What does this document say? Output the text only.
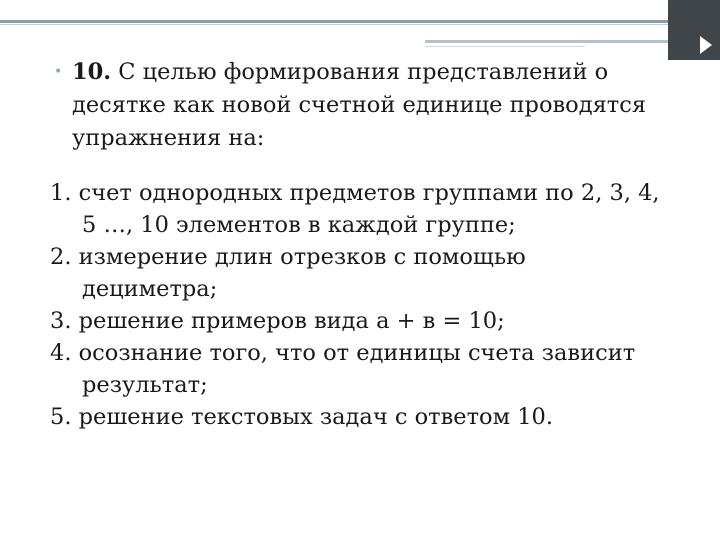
• 10. С целью формирования представлений о десятке как новой счетной единице проводятся упражнения на:
1. счет однородных предметов группами по 2, 3, 4, 5 …, 10 элементов в каждой группе;
2. измерение длин отрезков с помощью дециметра;
3. решение примеров вида а + в = 10;
4. осознание того, что от единицы счета зависит результат;
5. решение текстовых задач с ответом 10.
